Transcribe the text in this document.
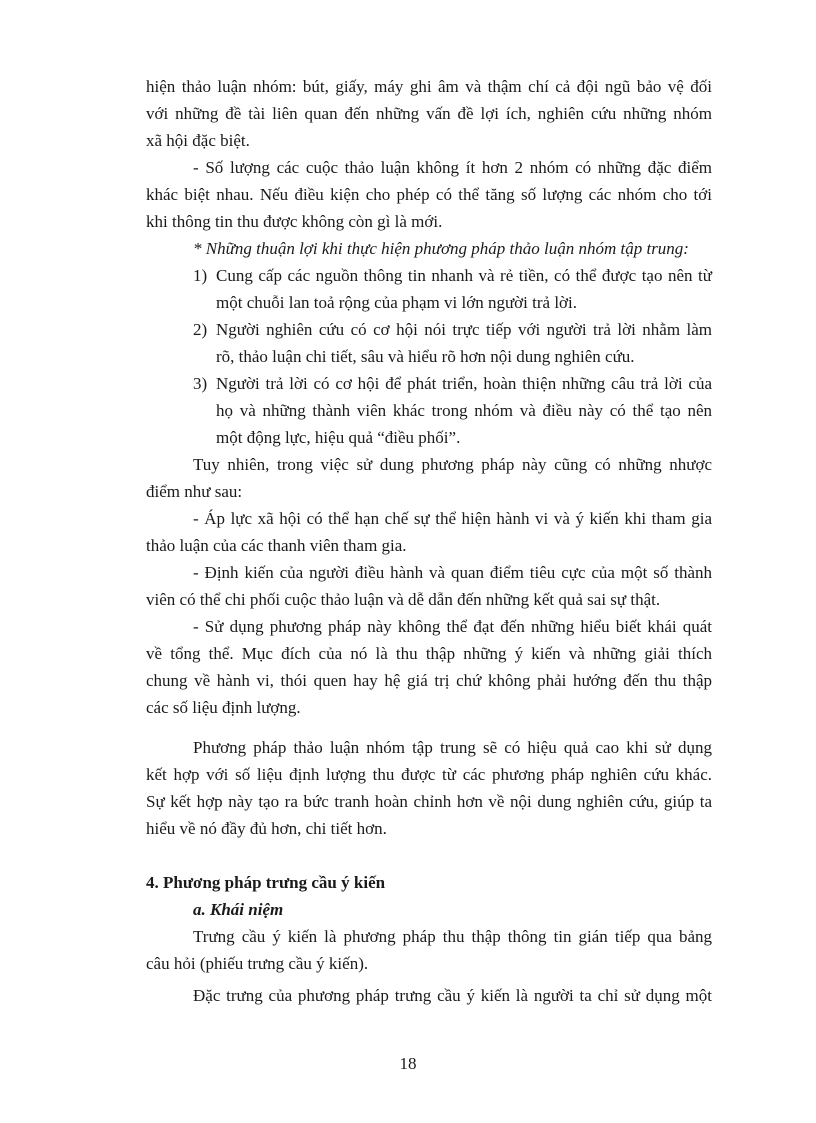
hiện thảo luận nhóm: bút, giấy, máy ghi âm và thậm chí cả đội ngũ bảo vệ đối
với những đề tài liên quan đến những vấn đề lợi ích, nghiên cứu những nhóm
xã hội đặc biệt.
- Số lượng các cuộc thảo luận không ít hơn 2 nhóm có những đặc điểm
khác biệt nhau. Nếu điều kiện cho phép có thể tăng số lượng các nhóm cho tới
khi thông tin thu được không còn gì là mới.
* Những thuận lợi khi thực hiện phương pháp thảo luận nhóm tập trung:
1) Cung cấp các nguồn thông tin nhanh và rẻ tiền, có thể được tạo nên từ
một chuỗi lan toả rộng của phạm vi lớn người trả lời.
2) Người nghiên cứu có cơ hội nói trực tiếp với người trả lời nhằm làm
rõ, thảo luận chi tiết, sâu và hiểu rõ hơn nội dung nghiên cứu.
3) Người trả lời có cơ hội để phát triển, hoàn thiện những câu trả lời của
họ và những thành viên khác trong nhóm và điều này có thể tạo nên
một động lực, hiệu quả “điều phối”.
Tuy nhiên, trong việc sử dung phương pháp này cũng có những nhược
điểm như sau:
- Áp lực xã hội có thể hạn chế sự thể hiện hành vi và ý kiến khi tham gia
thảo luận của các thanh viên tham gia.
- Định kiến của người điều hành và quan điểm tiêu cực của một số thành
viên có thể chi phối cuộc thảo luận và dễ dẫn đến những kết quả sai sự thật.
- Sử dụng phương pháp này không thể đạt đến những hiểu biết khái quát
về tổng thể. Mục đích của nó là thu thập những ý kiến và những giải thích
chung về hành vi, thói quen hay hệ giá trị chứ không phải hướng đến thu thập
các số liệu định lượng.
Phương pháp thảo luận nhóm tập trung sẽ có hiệu quả cao khi sử dụng
kết hợp với số liệu định lượng thu được từ các phương pháp nghiên cứu khác.
Sự kết hợp này tạo ra bức tranh hoàn chỉnh hơn về nội dung nghiên cứu, giúp ta
hiểu về nó đầy đủ hơn, chi tiết hơn.
4. Phương pháp trưng cầu ý kiến
a. Khái niệm
Trưng cầu ý kiến là phương pháp thu thập thông tin gián tiếp qua bảng
câu hỏi (phiếu trưng cầu ý kiến).
Đặc trưng của phương pháp trưng cầu ý kiến là người ta chỉ sử dụng một
18
